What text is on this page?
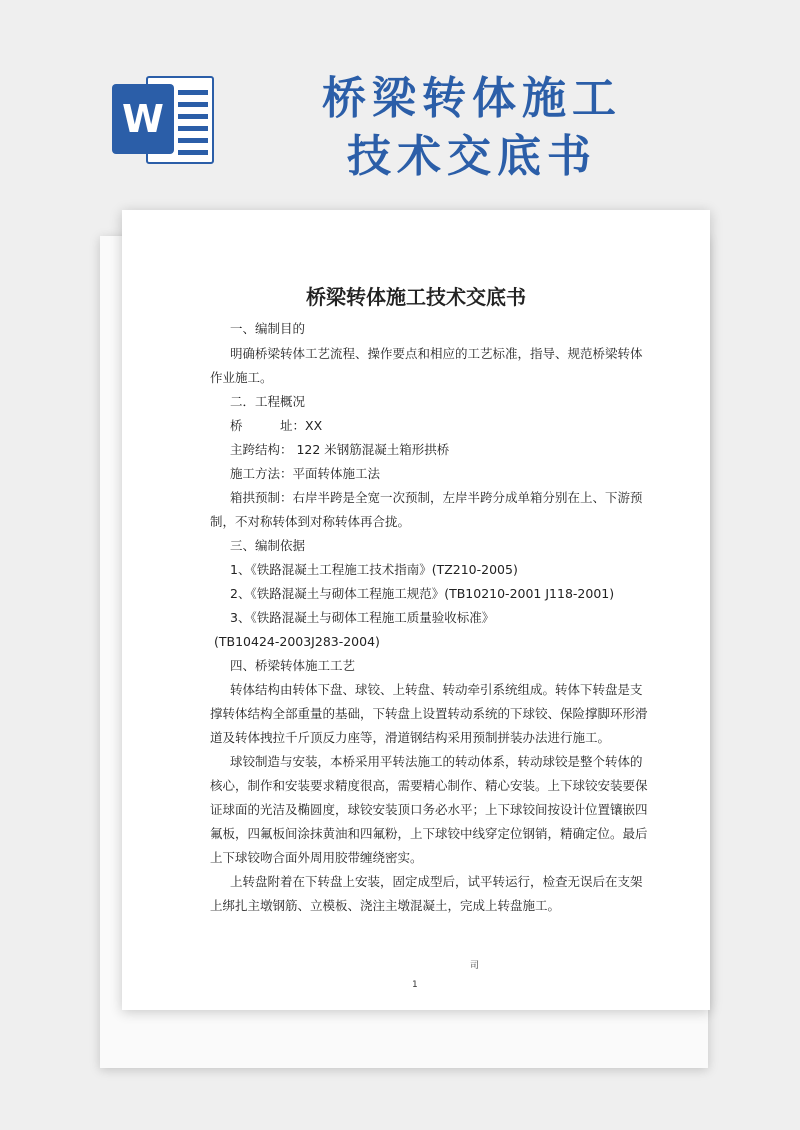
W	桥梁转体施工
技术交底书
桥梁转体施工技术交底书
一、编制目的
明确桥梁转体工艺流程、操作要点和相应的工艺标准，指导、规范桥梁转体
作业施工。
二．工程概况
桥　　　址：XX
主跨结构： 122 米钢筋混凝土箱形拱桥
施工方法：平面转体施工法
箱拱预制：右岸半跨是全宽一次预制，左岸半跨分成单箱分别在上、下游预
制，不对称转体到对称转体再合拢。
三、编制依据
1、《铁路混凝土工程施工技术指南》(TZ210-2005)
2、《铁路混凝土与砌体工程施工规范》(TB10210-2001 J118-2001)
3、《铁路混凝土与砌体工程施工质量验收标准》
(TB10424-2003J283-2004)
四、桥梁转体施工工艺
转体结构由转体下盘、球铰、上转盘、转动牵引系统组成。转体下转盘是支
撑转体结构全部重量的基础，下转盘上设置转动系统的下球铰、保险撑脚环形滑
道及转体拽拉千斤顶反力座等，滑道钢结构采用预制拼装办法进行施工。
球铰制造与安装，本桥采用平转法施工的转动体系，转动球铰是整个转体的
核心，制作和安装要求精度很高，需要精心制作、精心安装。上下球铰安装要保
证球面的光洁及椭圆度，球铰安装顶口务必水平；上下球铰间按设计位置镶嵌四
氟板，四氟板间涂抹黄油和四氟粉，上下球铰中线穿定位钢销，精确定位。最后
上下球铰吻合面外周用胶带缠绕密实。
上转盘附着在下转盘上安装，固定成型后，试平转运行，检查无误后在支架
上绑扎主墩钢筋、立模板、浇注主墩混凝土，完成上转盘施工。
司
1
